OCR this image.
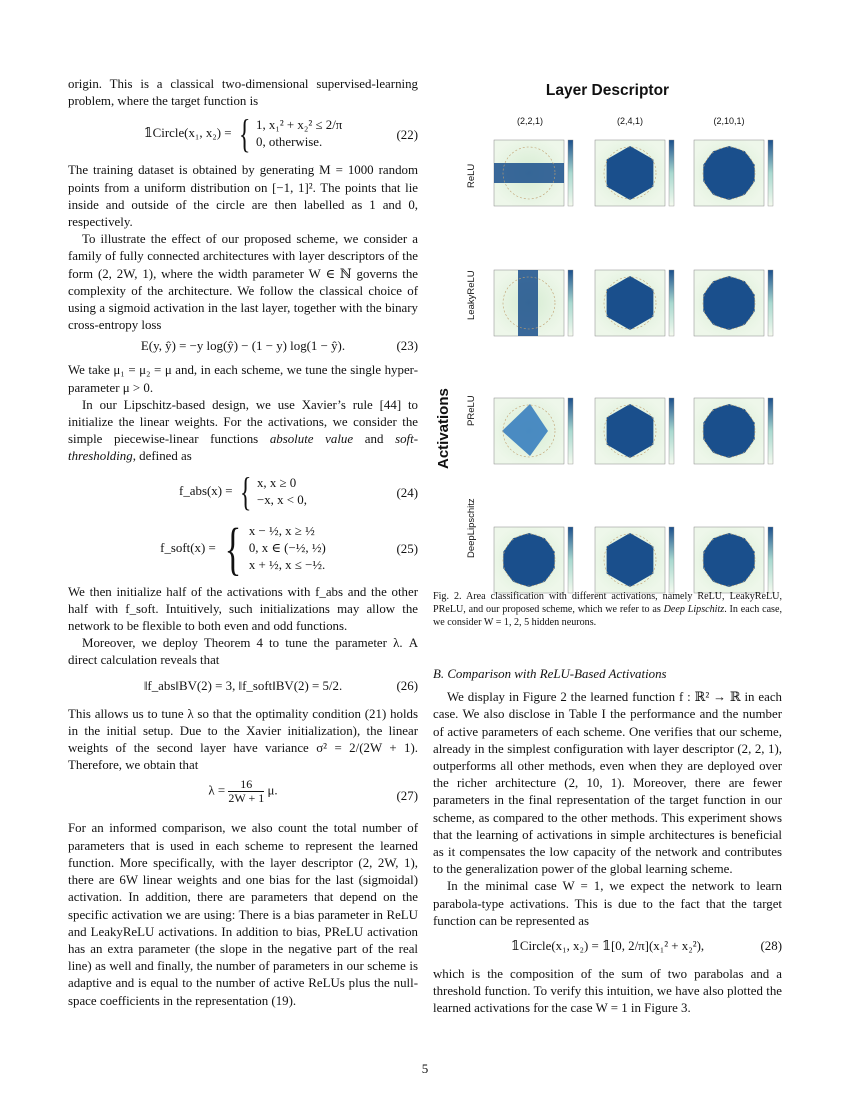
origin. This is a classical two-dimensional supervised-learning problem, where the target function is

𝟙Circle(x₁, x₂) = { 1, x₁² + x₂² ≤ 2/π
0, otherwise.	(22)

The training dataset is obtained by generating M = 1000 random points from a uniform distribution on [−1, 1]². The points that lie inside and outside of the circle are then labelled as 1 and 0, respectively.

To illustrate the effect of our proposed scheme, we consider a family of fully connected architectures with layer descriptors of the form (2, 2W, 1), where the width parameter W ∈ ℕ governs the complexity of the architecture. We follow the classical choice of using a sigmoid activation in the last layer, together with the binary cross-entropy loss

E(y, ŷ) = −y log(ŷ) − (1 − y) log(1 − ŷ).	(23)

We take μ₁ = μ₂ = μ and, in each scheme, we tune the single hyper-parameter μ > 0.

In our Lipschitz-based design, we use Xavier’s rule [44] to initialize the linear weights. For the activations, we consider the simple piecewise-linear functions absolute value and soft-thresholding, defined as

f_abs(x) = { x, x ≥ 0
−x, x < 0,	(24)
f_soft(x) = { x − ½, x ≥ ½
0, x ∈ (−½, ½)
x + ½, x ≤ −½.
(25)

We then initialize half of the activations with f_abs and the other half with f_soft. Intuitively, such initializations may allow the network to be flexible to both even and odd functions.

Moreover, we deploy Theorem 4 to tune the parameter λ. A direct calculation reveals that

‖f_abs‖BV(2) = 3, ‖f_soft‖BV(2) = 5/2.	(26)

This allows us to tune λ so that the optimality condition (21) holds in the initial setup. Due to the Xavier initialization), the linear weights of the second layer have variance σ² = 2/(2W + 1). Therefore, we obtain that

$\lambda = \frac{16}{2W + 1} \mu$.	(27)

For an informed comparison, we also count the total number of parameters that is used in each scheme to represent the learned function. More specifically, with the layer descriptor (2, 2W, 1), there are 6W linear weights and one bias for the last (sigmoidal) activation. In addition, there are parameters that depend on the specific activation we are using: There is a bias parameter in ReLU and LeakyReLU activations. In addition to bias, PReLU activation has an extra parameter (the slope in the negative part of the real line) as well and finally, the number of parameters in our scheme is adaptive and is equal to the number of active ReLUs plus the null-space coefficients in the representation (19).

Layer Descriptor
Activations
(2,2,1)	(2,4,1)	(2,10,1)
ReLU
LeakyReLU
PReLU
DeepLipschitz
Fig. 2. Area classification with different activations, namely ReLU, LeakyReLU, PReLU, and our proposed scheme, which we refer to as Deep Lipschitz. In each case, we consider W = 1, 2, 5 hidden neurons.

B. Comparison with ReLU-Based Activations

We display in Figure 2 the learned function f : ℝ² → ℝ in each case. We also disclose in Table I the performance and the number of active parameters of each scheme. One verifies that our scheme, already in the simplest configuration with layer descriptor (2, 2, 1), outperforms all other methods, even when they are deployed over the richer architecture (2, 10, 1). Moreover, there are fewer parameters in the final representation of the target function in our scheme, as compared to the other methods. This experiment shows that the learning of activations in simple architectures is beneficial as it compensates the low capacity of the network and contributes to the generalization power of the global learning scheme.

In the minimal case W = 1, we expect the network to learn parabola-type activations. This is due to the fact that the target function can be represented as

𝟙Circle(x₁, x₂) = 𝟙[0, 2/π](x₁² + x₂²),	(28)

which is the composition of the sum of two parabolas and a threshold function. To verify this intuition, we have also plotted the learned activations for the case W = 1 in Figure 3.

5
